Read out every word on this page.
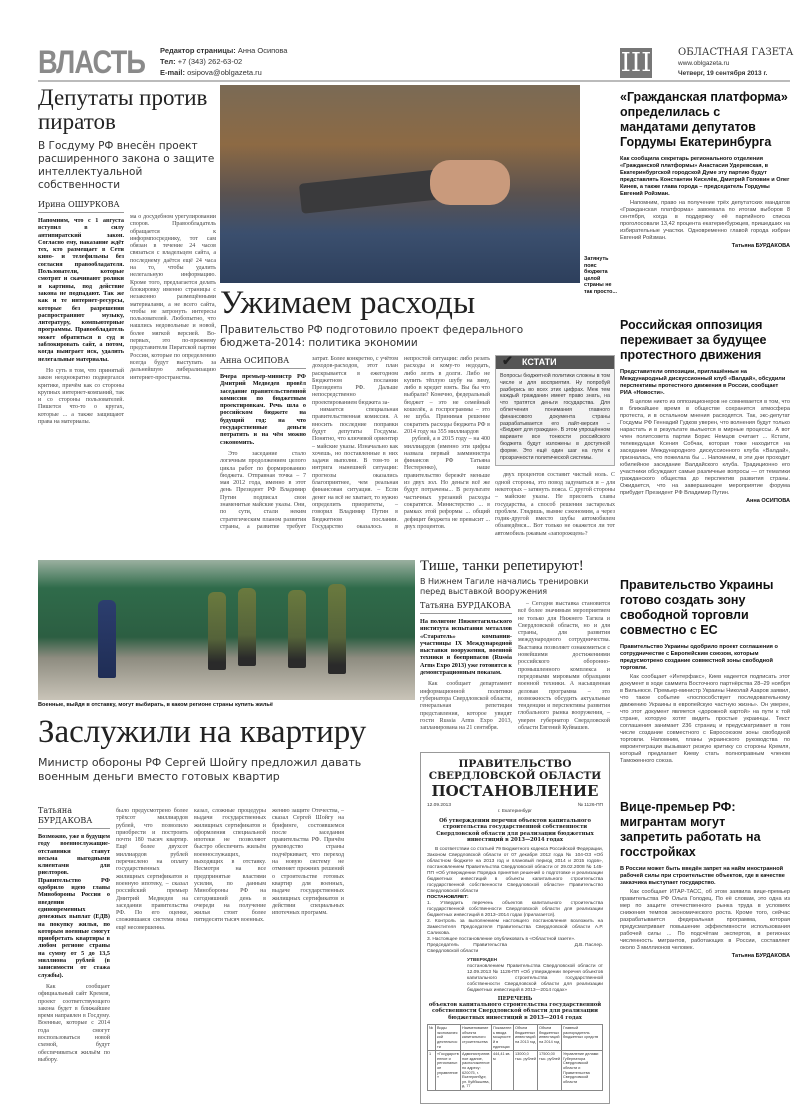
ВЛАСТЬ Редактор страницы: Анна Осипова
Тел: +7 (343) 262-63-02
E-mail: osipova@oblgazeta.ru	III	ОБЛАСТНАЯ ГАЗЕТА
www.oblgazeta.ru
Четверг, 19 сентября 2013 г.
Депутаты против пиратов
В Госдуму РФ внесён проект расширенного закона о защите интеллектуальной собственности
Ирина ОШУРКОВА
Напомним, что с 1 августа вступил в силу антипиратский закон. Согласно ему, наказание ждёт тех, кто размещает в Сети кино- и телефильмы без согласия правообладателя. Пользователи, которые смотрят и скачивают ролики и картины, под действие закона не подпадают. Так же как и те интернет-ресурсы, которые без разрешения распространяют музыку, литературу, компьютерные программы. Правообладатель может обратиться в суд и заблокировать сайт, а потом, когда выиграет иск, удалить нелегальные материалы.
Но суть в том, что принятый закон неоднократно подвергался критике, причём как со стороны крупных интернет-компаний, так и со стороны пользователей. Пишется что-то о кругах, которые ... а также защищают права на материалы.
ма о досудебном урегулировании споров. Правообладатель обращается к информпосреднику, тот сам обязан в течение 24 часов связаться с владельцем сайта, а последнему даётся ещё 24 часа на то, чтобы удалить нелегальную информацию. Кроме того, предлагается делать блокировку именно страницы с незаконно размещёнными материалами, а не всего сайта, чтобы не затронуть интересы пользователей. Любопытно, что нашлись недовольные и новой, более мягкой версией. Во-первых, это по-прежнему представители Пиратской партии России, которые по определению всегда будут выступать за дальнейшую либерализацию интернет-пространства.
Затянуть пояс бюджета целой страны не так просто...
Ужимаем расходы
Правительство РФ подготовило проект федерального бюджета-2014: политика экономии
Анна ОСИПОВА
Вчера премьер-министр РФ Дмитрий Медведев провёл заседание правительственной комиссии по бюджетным проектировкам. Речь шла о российском бюджете на будущий год: на что государственные деньги потратить и на чём можно сэкономить.
Это заседание стало логичным продолжением целого цикла работ по формированию бюджета. Отправная точка – 7 мая 2012 года, именно в этот день Президент РФ Владимир Путин подписал свои знаменитые майские указы. Они, по сути, стали неким стратегическим планом развития страны, а развитие требует затрат. Более конкретно, с учётом доходов-расходов, этот план раскрывается в ежегодном Бюджетном послании Президента РФ. Дальше непосредственно проектированием бюджета за-
нимается специальная правительственная комиссия. А вносить последние поправки будут депутаты Госдумы. Понятно, что ключевой ориентир – майские указы. Изначально как хочешь, но поставленные в них задачи выполни. В том-то и интрига нынешней ситуации: прогнозы оказались благоприятнее, чем реальная финансовая ситуация. – Если денег на всё не хватает, то нужно определить приоритеты, – говорил Владимир Путин в Бюджетном послании. Государство оказалось в непростой ситуации: либо резать расходы и кому-то недодать, либо лезть в долги. Либо не купить тёплую шубу на зиму, либо в кредит взять. Вы бы что выбрали? Конечно, федеральный бюджет – это не семейный кошелёк, а госпрограммы – это не шуба. Принимая решение сократить расходы бюджета РФ в 2014 году на 355 миллиардов
рублей, а в 2015 году – на 400 миллиардов (именно эти цифры назвала первый замминистра финансов РФ Татьяна Нестеренко), наше правительство бережёт меньше из двух зол. Но деньги всё же будут потрачены... В результате частичных урезаний расходы сократятся. Министерство ... в рамках этой реформы ... общий дефицит бюджета не превысит ... двух процентов.
✔ КСТАТИ
Вопросы бюджетной политики сложны в том числе и для восприятия. Ну попробуй разберись во всех этих цифрах. Меж тем каждый гражданин имеет право знать, на что тратятся деньги государства. Для облегчения понимания главного финансового документа страны разрабатывается его лайт-версия – «Бюджет для граждан». В этом упрощённом варианте все тонкости российского бюджета будут изложены в доступной форме. Это ещё один шаг на пути к прозрачности политической системы.
двух процентов составит чистый ноль. С одной стороны, это повод задуматься и – для некоторых – затянуть пояса. С другой стороны – майские указы. Не присоить славы государства, а способ решения застарелых проблем. Глядишь, вымне сэкономим, а через годик-другой вместо шубы автомобилем обзаведёмся... Вот только не окажется ли тот автомобиль ржавым «запорожцем»?
«Гражданская платформа» определилась с мандатами депутатов Гордумы Екатеринбурга
Как сообщила секретарь регионального отделения «Гражданской платформы» Анастасия Удеревская, в Екатеринбургской городской Думе эту партию будут представлять Константин Киселёв, Дмитрий Головин и Олег Кинев, а также глава города – председатель Гордумы Евгений Ройзман.
Напомним, право на получение трёх депутатских мандатов «Гражданская платформа» завоевала по итогам выборов 8 сентября, когда в поддержку её партийного списка проголосовали 13,42 процента екатеринбуржцев, пришедших на избирательные участки. Одновременно главой города избран Евгений Ройзман.
Татьяна БУРДАКОВА
Российская оппозиция переживает за будущее протестного движения
Представители оппозиции, приглашённые на Международный дискуссионный клуб «Валдай», обсудили перспективы протестного движения в России, сообщает РИА «Новости».
В целом никто из оппозиционеров не сомневается в том, что в ближайшее время в обществе сохранится атмосфера протеста, и в остальном мнения расходятся. Так, экс-депутат Госдумы РФ Геннадий Гудков уверен, что волнения будут только нарастать и в результате выльются в мирные процессы. А вот член политсовета партии Борис Немцов считает ... Кстати, телеведущая Ксения Собчак, которая тоже находится на заседании Международного дискуссионного клуба «Валдай», призналась, что пожелала бы ... Напомним, в эти дни проходит юбилейное заседание Валдайского клуба. Традиционно его участники обсуждают самые различные вопросы — от тематики гражданского общества до перспектив развития страны. Ожидается, что на завершающее мероприятие форума прибудет Президент РФ Владимир Путин.
Анна ОСИПОВА
Правительство Украины готово создать зону свободной торговли совместно с ЕС
Правительство Украины одобрило проект соглашения о сотрудничестве с Европейским союзом, которым предусмотрено создание совместной зоны свободной торговли.
Как сообщает «Интерфакс», Киев надеется подписать этот документ в ходе саммита Восточного партнёрства 28–29 ноября в Вильнюсе. Премьер-министр Украины Николай Азаров заявил, что такое событие «поспособствует последовательному движению Украины в европейскую частную жизнь». Он уверен, что этот документ является «дорожной картой» на пути к той стране, которую хотят видеть простые украинцы. Текст соглашения занимает 236 страниц и предусматривает в том числе создание совместного с Евросоюзом зоны свободной торговли. Напомним, планы украинского руководства по евроинтеграции вызывают резкую критику со стороны Кремля, который предлагает Киеву стать полноправным членом Таможенного союза.
Вице-премьер РФ: мигрантам могут запретить работать на госстройках
В России может быть введён запрет на найм иностранной рабочей силы при строительстве объектов, где в качестве заказчика выступает государство.
Как сообщает ИТАР-ТАСС, об этом заявила вице-премьер правительства РФ Ольга Голодец. По её словам, это одна из мер по защите отечественного рынка труда в условиях снижения темпов экономического роста. Кроме того, сейчас разрабатывается федеральная программа, которая предусматривает повышение эффективности использования рабочей силы ... По подсчётам экспертов, в регионах численность мигрантов, работающих в России, составляет около 3 миллионов человек.
Татьяна БУРДАКОВА
Военные, выйдя в отставку, могут выбирать, в каком регионе страны купить жильё
Тише, танки репетируют!
В Нижнем Тагиле начались тренировки перед выставкой вооружения
Татьяна БУРДАКОВА
На полигоне Нижнетагильского института испытания металлов «Старатель» компании-участницы IX Международной выставки вооружения, военной техники и боеприпасов (Russia Arms Expo 2013) уже готовятся к демонстрационным показам.
Как сообщает департамент информационной политики губернатора Свердловской области, генеральная репетиция представления, которое увидят гости Russia Arms Expo 2013, запланирована на 21 сентября.
– Сегодня выставка становится всё более значимым мероприятием не только для Нижнего Тагила и Свердловской области, но и для страны, для развития международного сотрудничества. Выставка позволяет ознакомиться с новейшими достижениями российского оборонно-промышленного комплекса и передовыми мировыми образцами военной техники. А насыщенная деловая программа – это возможность обсудить актуальные тенденции и перспективы развития глобального рынка вооружения, – уверен губернатор Свердловской области Евгений Куйвашев.
ПРАВИТЕЛЬСТВО СВЕРДЛОВСКОЙ ОБЛАСТИ
ПОСТАНОВЛЕНИЕ
12.09.2013	№ 1126-ПП
г. Екатеринбург
Об утверждении перечня объектов капитального строительства государственной собственности Свердловской области для реализации бюджетных инвестиций в 2013—2014 годах
В соответствии со статьей 79 Бюджетного кодекса Российской Федерации, Законом Свердловской области от 07 декабря 2012 года № 104-ОЗ «Об областном бюджете на 2013 год и плановый период 2014 и 2015 годов», постановлением Правительства Свердловской области от 29.02.2008 № 145-ПП «Об утверждении Порядка принятия решений о подготовке и реализации бюджетных инвестиций в объекты капитального строительства государственной собственности Свердловской области» Правительство Свердловской области
ПОСТАНОВЛЯЕТ:
1. Утвердить перечень объектов капитального строительства государственной собственности Свердловской области для реализации бюджетных инвестиций в 2013–2014 годах (прилагается).
2. Контроль за выполнением настоящего постановления возложить на Заместителя Председателя Правительства Свердловской области А.Р. Салихова.
3. Настоящее постановление опубликовать в «Областной газете».
Председатель Правительства Свердловской области
Д.В. Паслер.
УТВЕРЖДЕН
постановлением Правительства Свердловской области от 12.09.2013 № 1126-ПП «Об утверждении перечня объектов капитального строительства государственной собственности Свердловской области для реализации бюджетных инвестиций в 2013—2014 годах»
ПЕРЕЧЕНЬ
объектов капитального строительства государственной собственности Свердловской области для реализации бюджетных инвестиций в 2013—2014 годах
№	Виды экономической деятельности	Наименование объекта капитального строительства	Показатель ввода мощностей в единицах	Объем бюджетных инвестиций на 2013 год	Объем бюджетных инвестиций на 2014 год	Главный распорядитель бюджетных средств
1	«Государственное и региональное управление»	Административное здание, расположенное по адресу: 620075, г. Екатеринбург, ул. Куйбышева, д. 77	444,41 кв. м	13000,0 тыс. рублей	17500,00 тыс. рублей	Управление делами Губернатора Свердловской области и Правительства Свердловской области
Заслужили на квартиру
Министр обороны РФ Сергей Шойгу предложил давать военным деньги вместо готовых квартир
Татьяна БУРДАКОВА
Возможно, уже в будущем году военнослужащие-отставники станут весьма выгодными клиентами для риелторов. Правительство РФ одобрило идею главы Минобороны России о введении единовременных денежных выплат (ЕДВ) на покупку жилья, по которым военные смогут приобретать квартиры в любом регионе страны на сумму от 5 до 13,5 миллиона рублей (в зависимости от стажа службы).
Как сообщает официальный сайт Кремля, проект соответствующего закона будет в ближайшее время направлен в Госдуму. Военные, которые с 2014 года смогут воспользоваться новой схемой, будут обеспечиваться жильём по выбору.
было предусмотрено более трёхсот миллиардов рублей, что позволило приобрести и построить почти 180 тысяч квартир. Ещё более двухсот миллиардов рублей перечислено на оплату государственных жилищных сертификатов и военную ипотеку, – сказал российский премьер Дмитрий Медведев на заседании правительства РФ. По его оценке, сложившаяся система пока ещё несовершенна.
казал, сложные процедуры выдачи государственных жилищных сертификатов и оформления специальной ипотеки не позволяют быстро обеспечить жильём военнослужащих, выходящих в отставку. Несмотря на все предпринятые властями усилия, по данным Минобороны РФ на сегодняшний день в очереди на получение жилья стоят более пятидесяти тысяч военных.
жению защите Отечества, – сказал Сергей Шойгу на брифинге, состоявшемся после заседания правительства РФ. Причём руководство страны подчёркивает, что переход на новую систему не отменяет прежних решений о строительстве готовых квартир для военных, выдаче государственных жилищных сертификатов и действии специальных ипотечных программ.
